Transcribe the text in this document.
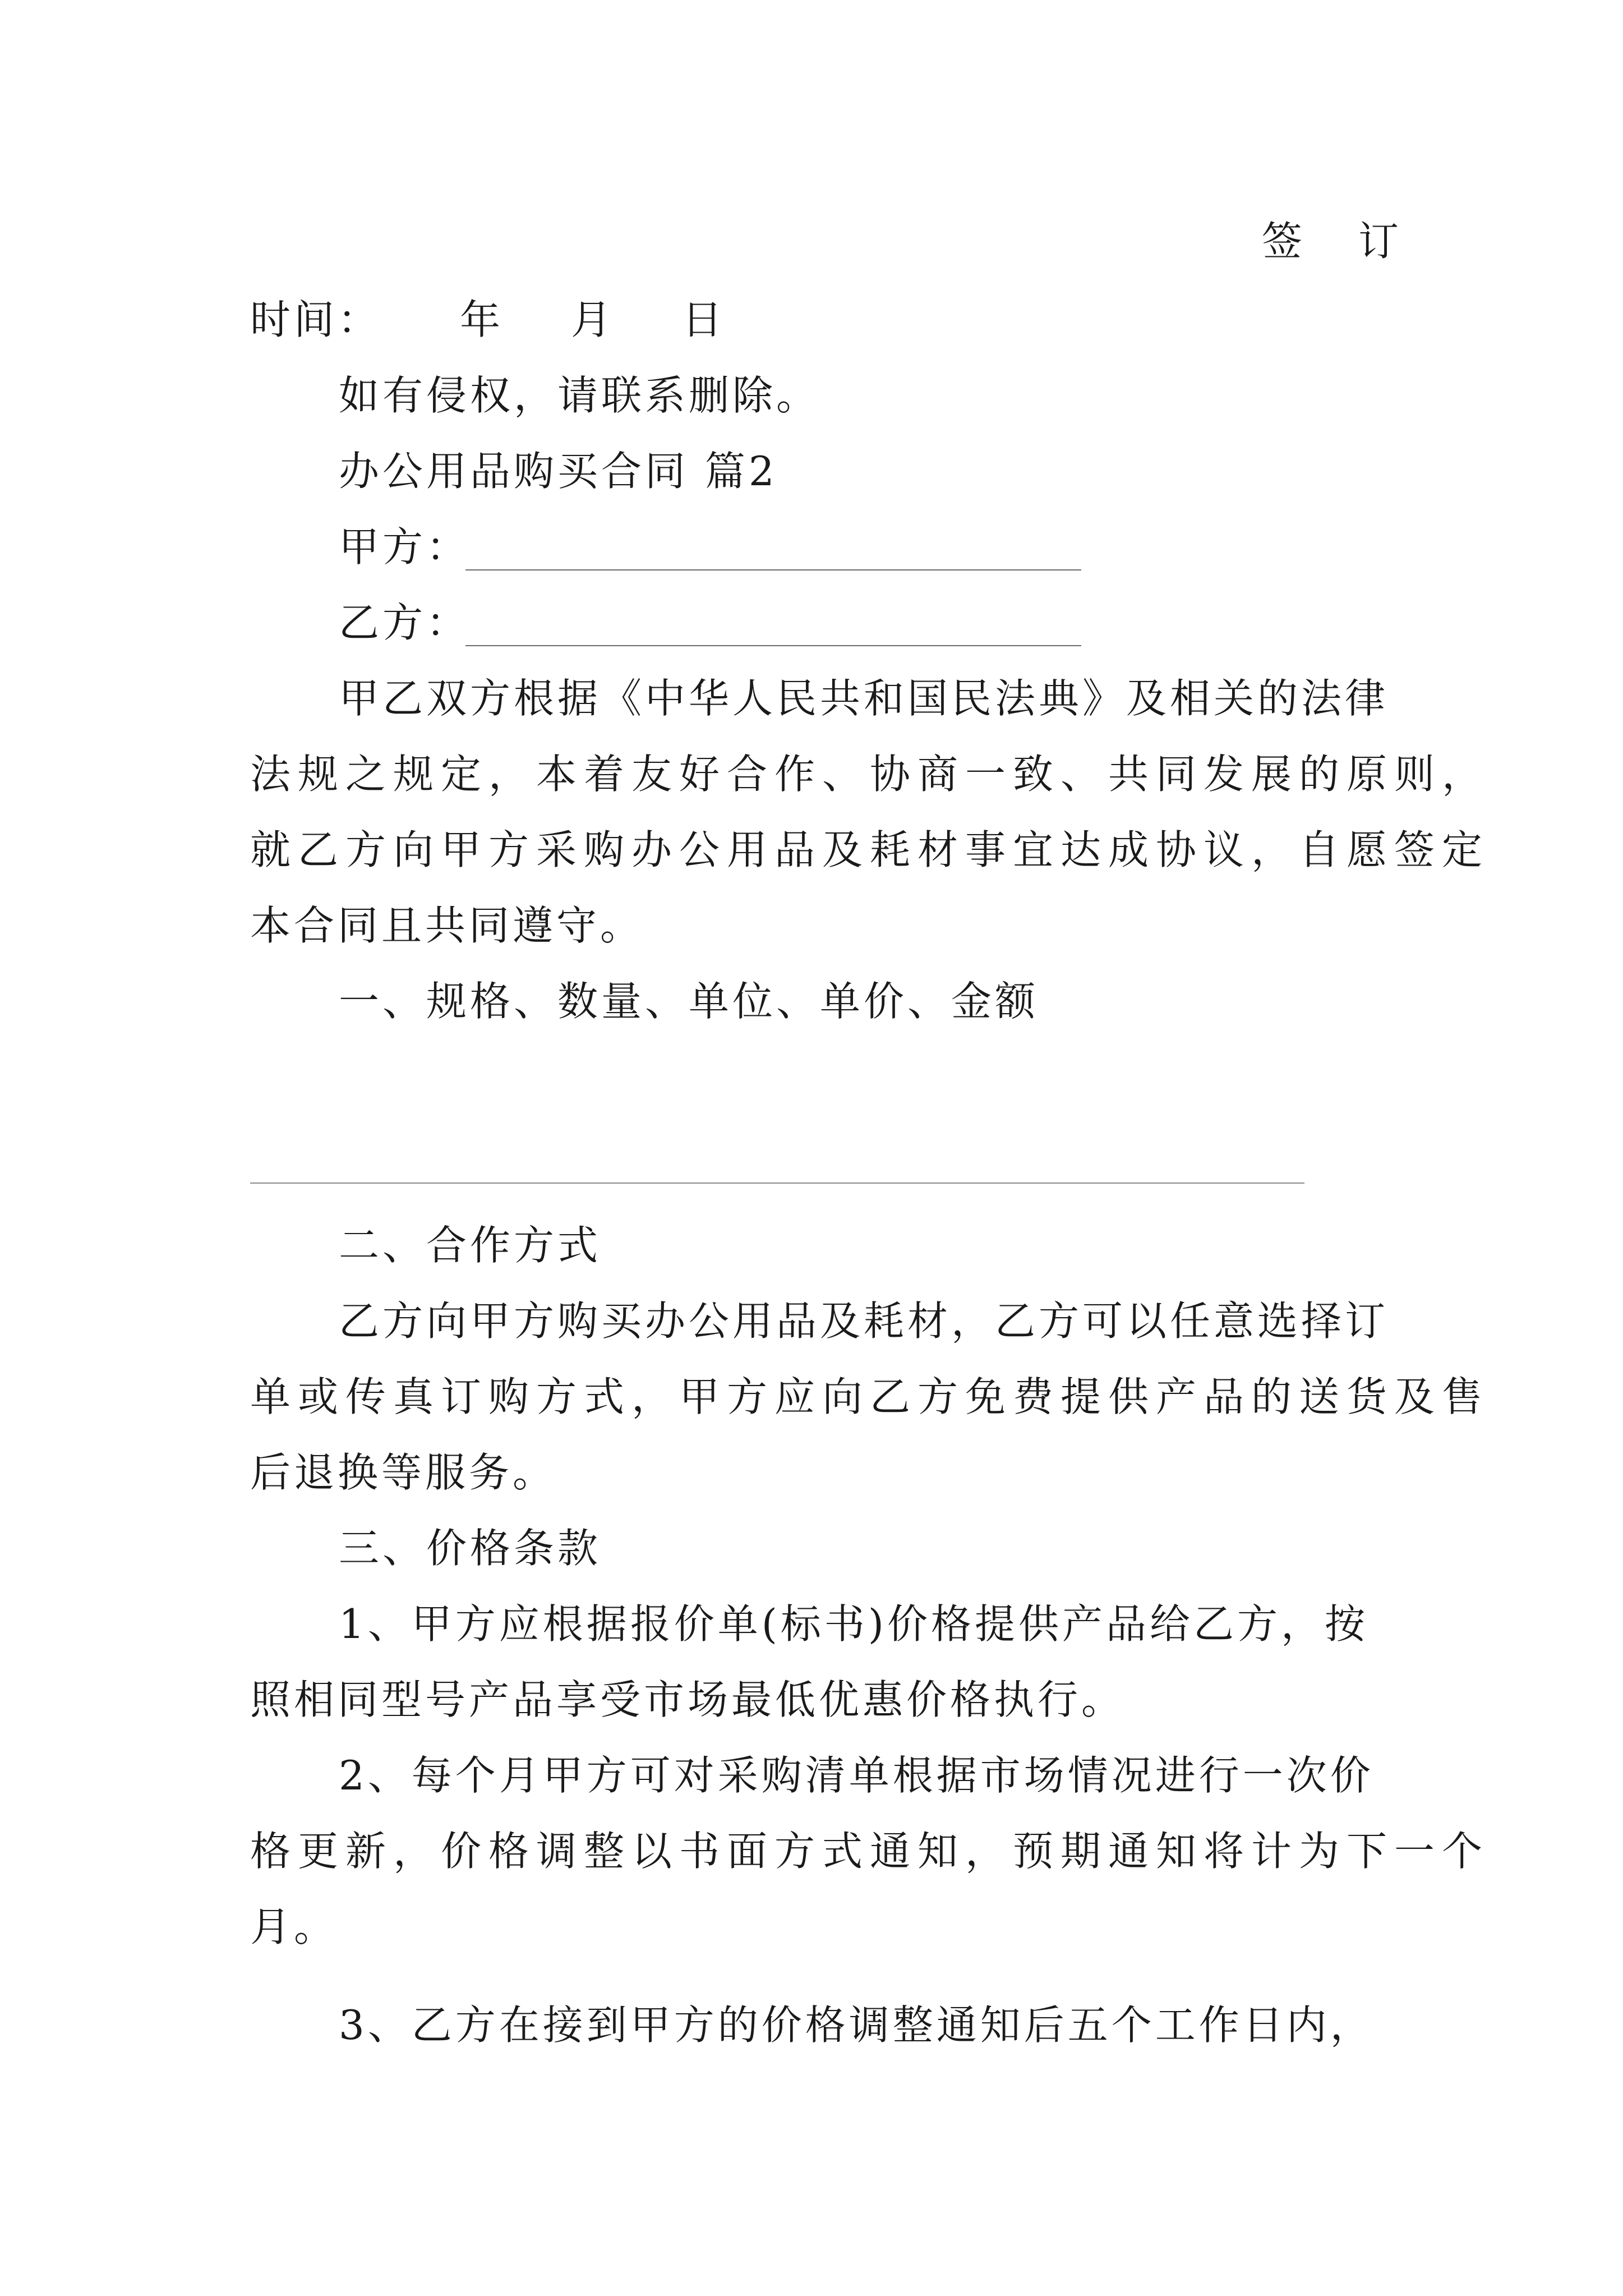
签 订
时间： 年 月 日
如有侵权，请联系删除。
办公用品购买合同 篇2
甲方：
乙方：
甲乙双方根据《中华人民共和国民法典》及相关的法律
法规之规定，本着友好合作、协商一致、共同发展的原则，
就乙方向甲方采购办公用品及耗材事宜达成协议，自愿签定
本合同且共同遵守。
一、规格、数量、单位、单价、金额
二、合作方式
乙方向甲方购买办公用品及耗材，乙方可以任意选择订
单或传真订购方式，甲方应向乙方免费提供产品的送货及售
后退换等服务。
三、价格条款
1、甲方应根据报价单(标书)价格提供产品给乙方，按
照相同型号产品享受市场最低优惠价格执行。
2、每个月甲方可对采购清单根据市场情况进行一次价
格更新，价格调整以书面方式通知，预期通知将计为下一个
月。
3、乙方在接到甲方的价格调整通知后五个工作日内，
